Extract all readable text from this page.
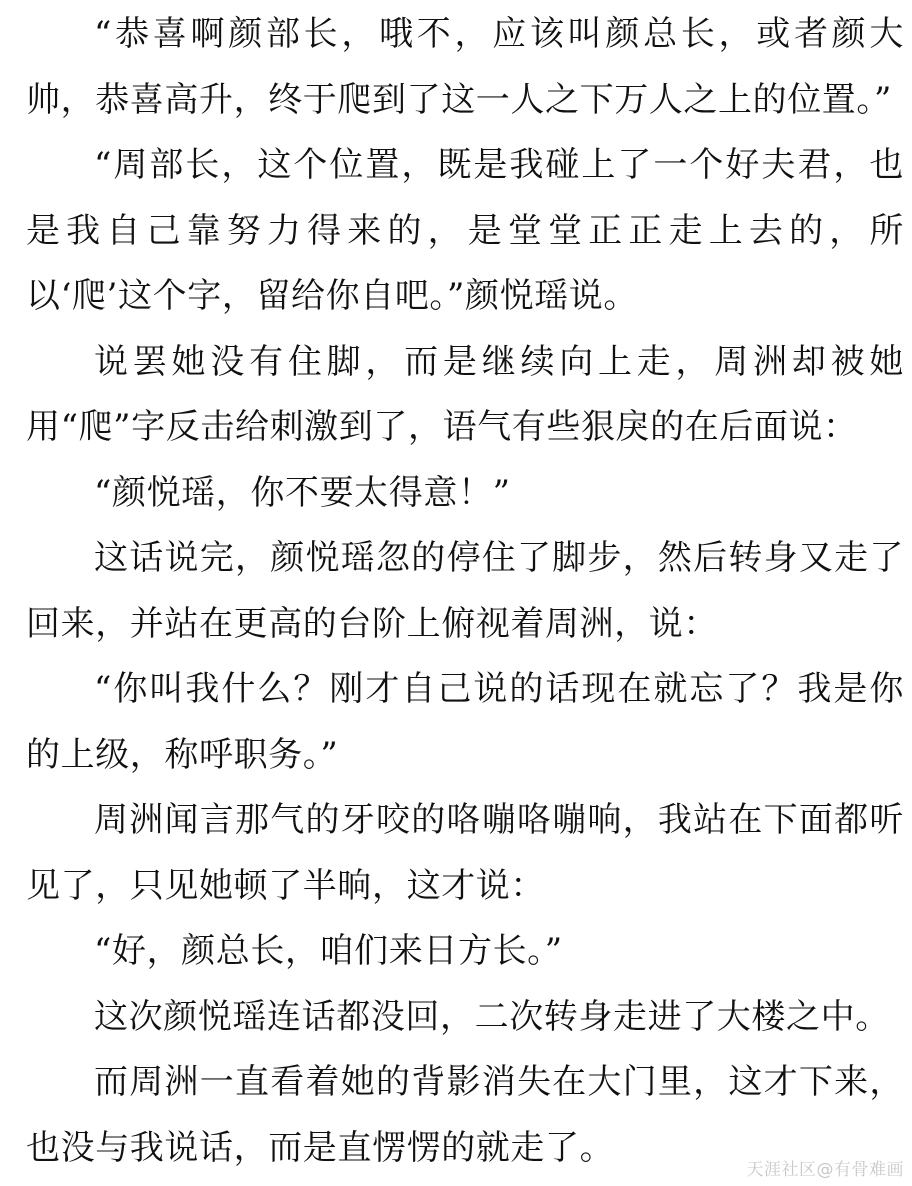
“恭喜啊颜部长，哦不，应该叫颜总长，或者颜大帅，恭喜高升，终于爬到了这一人之下万人之上的位置。”

“周部长，这个位置，既是我碰上了一个好夫君，也是我自己靠努力得来的，是堂堂正正走上去的，所以‘爬’这个字，留给你自吧。”颜悦瑶说。

说罢她没有住脚，而是继续向上走，周洲却被她用“爬”字反击给刺激到了，语气有些狠戾的在后面说：

“颜悦瑶，你不要太得意！”

这话说完，颜悦瑶忽的停住了脚步，然后转身又走了回来，并站在更高的台阶上俯视着周洲，说：

“你叫我什么？刚才自己说的话现在就忘了？我是你的上级，称呼职务。”

周洲闻言那气的牙咬的咯嘣咯嘣响，我站在下面都听见了，只见她顿了半晌，这才说：

“好，颜总长，咱们来日方长。”

这次颜悦瑶连话都没回，二次转身走进了大楼之中。

而周洲一直看着她的背影消失在大门里，这才下来，也没与我说话，而是直愣愣的就走了。

天涯社区@有骨难画
